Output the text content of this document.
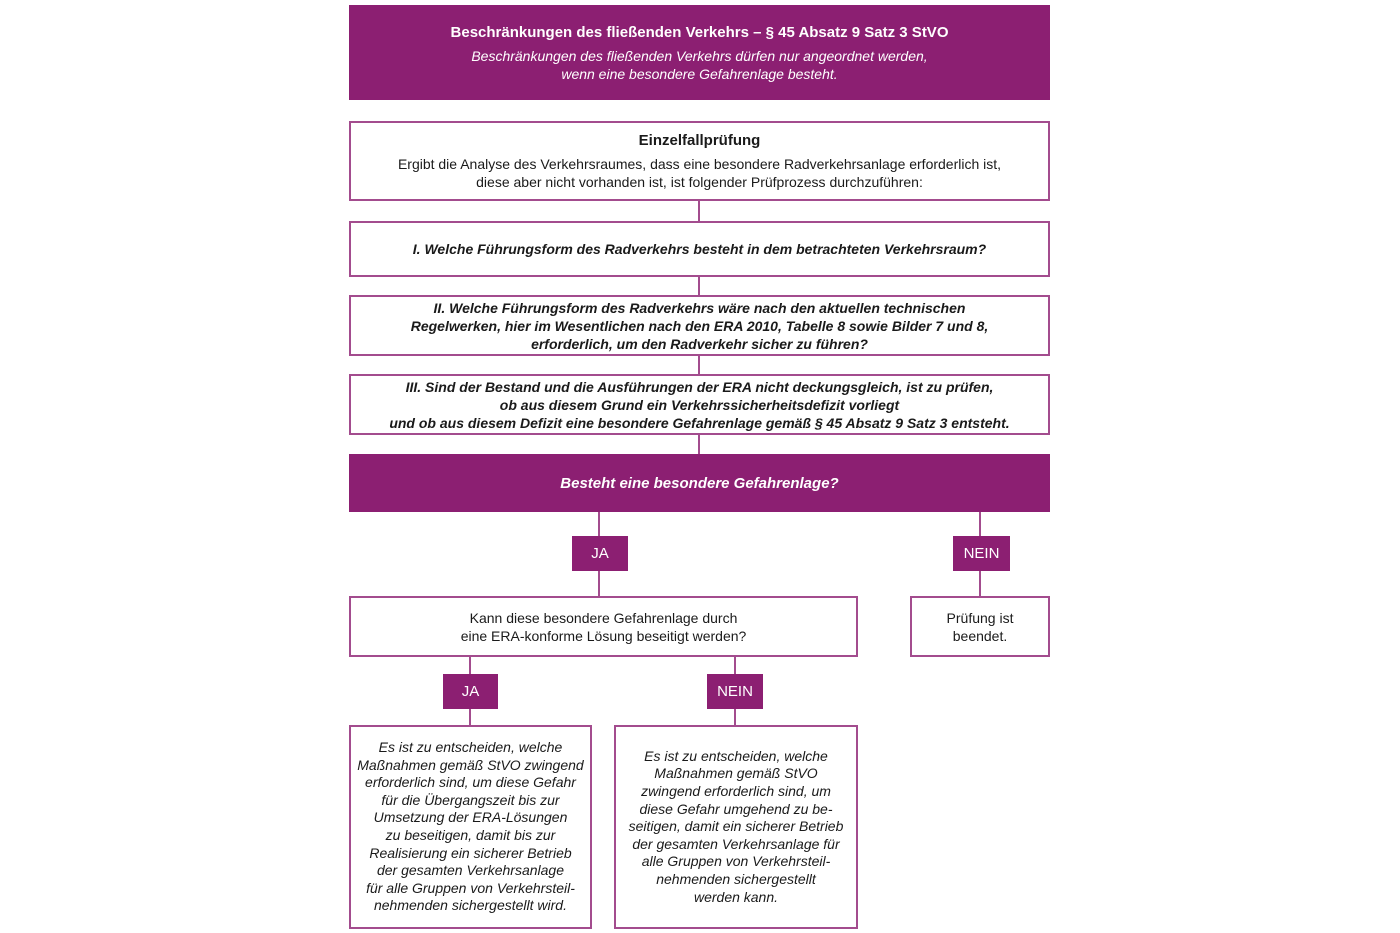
Beschränkungen des fließenden Verkehrs – § 45 Absatz 9 Satz 3 StVO
Beschränkungen des fließenden Verkehrs dürfen nur angeordnet werden,
wenn eine besondere Gefahrenlage besteht.
Einzelfallprüfung
Ergibt die Analyse des Verkehrsraumes, dass eine besondere Radverkehrsanlage erforderlich ist,
diese aber nicht vorhanden ist, ist folgender Prüfprozess durchzuführen:
I. Welche Führungsform des Radverkehrs besteht in dem betrachteten Verkehrsraum?
II. Welche Führungsform des Radverkehrs wäre nach den aktuellen technischen
Regelwerken, hier im Wesentlichen nach den ERA 2010, Tabelle 8 sowie Bilder 7 und 8,
erforderlich, um den Radverkehr sicher zu führen?
III. Sind der Bestand und die Ausführungen der ERA nicht deckungsgleich, ist zu prüfen,
ob aus diesem Grund ein Verkehrssicherheitsdefizit vorliegt
und ob aus diesem Defizit eine besondere Gefahrenlage gemäß § 45 Absatz 9 Satz 3 entsteht.
Besteht eine besondere Gefahrenlage?
JA	NEIN
Kann diese besondere Gefahrenlage durch
eine ERA-konforme Lösung beseitigt werden?
Prüfung ist
beendet.
JA	NEIN
Es ist zu entscheiden, welche
Maßnahmen gemäß StVO zwingend
erforderlich sind, um diese Gefahr
für die Übergangszeit bis zur
Umsetzung der ERA-Lösungen
zu beseitigen, damit bis zur
Realisierung ein sicherer Betrieb
der gesamten Verkehrsanlage
für alle Gruppen von Verkehrsteil-
nehmenden sichergestellt wird.
Es ist zu entscheiden, welche
Maßnahmen gemäß StVO
zwingend erforderlich sind, um
diese Gefahr umgehend zu be-
seitigen, damit ein sicherer Betrieb
der gesamten Verkehrsanlage für
alle Gruppen von Verkehrsteil-
nehmenden sichergestellt
werden kann.
